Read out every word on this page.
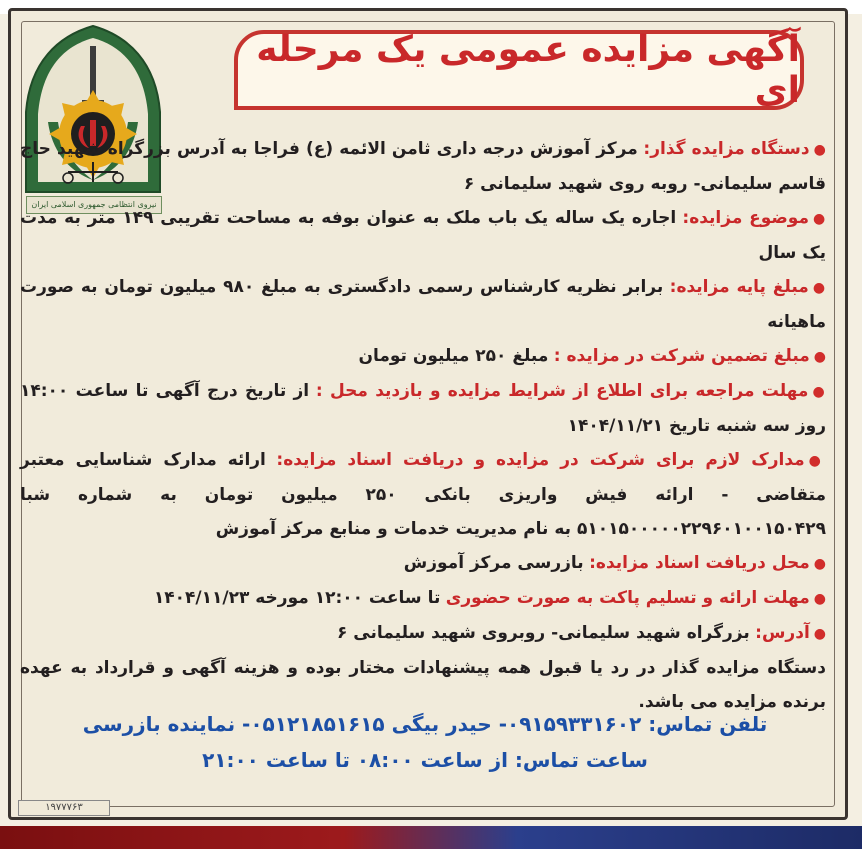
آگهی مزایده عمومی یک مرحله ای
نیروی انتظامی جمهوری اسلامی ایران

●دستگاه مزایده گذار: مرکز آموزش درجه داری ثامن الائمه (ع) فراجا به آدرس بزرگراه شهید حاج قاسم سلیمانی- روبه روی شهید سلیمانی ۶

●موضوع مزایده: اجاره یک ساله یک باب ملک به عنوان بوفه به مساحت تقریبی ۱۴۹ متر به مدت یک سال

●مبلغ پایه مزایده: برابر نظریه کارشناس رسمی دادگستری به مبلغ ۹۸۰ میلیون تومان به صورت ماهیانه

●مبلغ تضمین شرکت در مزایده : مبلغ ۲۵۰ میلیون تومان

●مهلت مراجعه برای اطلاع از شرایط مزایده و بازدید محل : از تاریخ درج آگهی تا ساعت ۱۴:۰۰ روز سه شنبه تاریخ ۱۴۰۴/۱۱/۲۱

●مدارک لازم برای شرکت در مزایده و دریافت اسناد مزایده: ارائه مدارک شناسایی معتبر متقاضی - ارائه فیش واریزی بانکی ۲۵۰ میلیون تومان به شماره شبا ۵۱۰۱۵۰۰۰۰۰۲۲۹۶۰۱۰۰۱۵۰۴۲۹ به نام مدیریت خدمات و منابع مرکز آموزش

●محل دریافت اسناد مزایده: بازرسی مرکز آموزش

●مهلت ارائه و تسلیم پاکت به صورت حضوری تا ساعت ۱۲:۰۰ مورخه ۱۴۰۴/۱۱/۲۳

●آدرس: بزرگراه شهید سلیمانی- روبروی شهید سلیمانی ۶

دستگاه مزایده گذار در رد یا قبول همه پیشنهادات مختار بوده و هزینه آگهی و قرارداد به عهده برنده مزایده می باشد.

تلفن تماس: ۰۹۱۵۹۳۳۱۶۰۲- حیدر بیگی ۰۵۱۲۱۸۵۱۶۱۵- نماینده بازرسی
ساعت تماس: از ساعت ۰۸:۰۰ تا ساعت ۲۱:۰۰
۱۹۷۷۷۶۳
